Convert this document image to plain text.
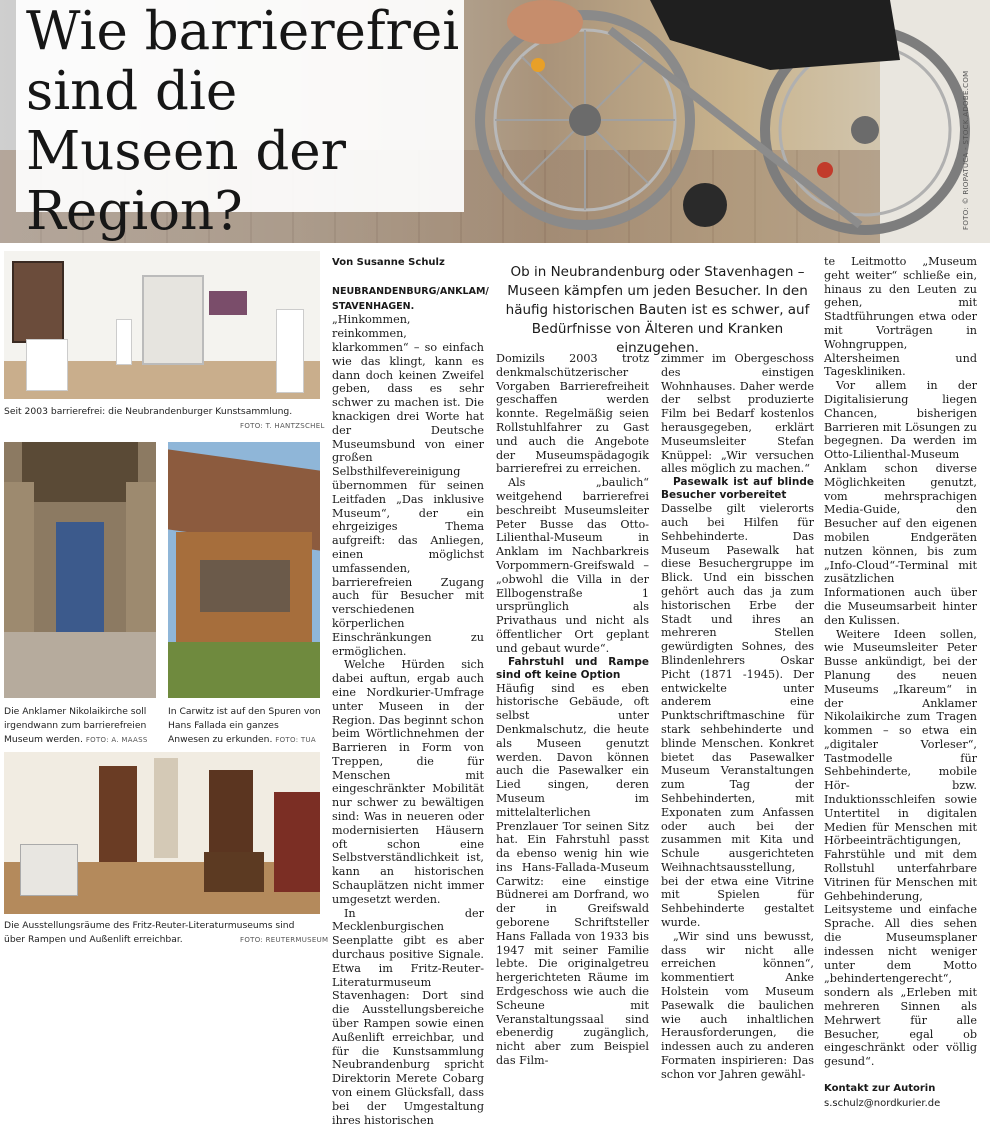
Wie barrierefrei sind die Museen der Region?	FOTO: © RIOPATUCA - STOCK.ADOBE.COM
Seit 2003 barrierefrei: die Neubrandenburger Kunstsammlung.
FOTO: T. HANTZSCHEL
Die Anklamer Nikolaikirche soll irgendwann zum barrierefreien Museum werden. FOTO: A. MAASS
In Carwitz ist auf den Spuren von Hans Fallada ein ganzes Anwesen zu erkunden. FOTO: TUA
Die Ausstellungsräume des Fritz-Reuter-Literaturmuseums sind über Rampen und Außenlift erreichbar.	FOTO: REUTERMUSEUM

Von Susanne Schulz

NEUBRANDENBURG/ANKLAM/ STAVENHAGEN. „Hinkommen, reinkommen, klarkommen“ – so einfach wie das klingt, kann es dann doch keinen Zweifel geben, dass es sehr schwer zu machen ist. Die knackigen drei Worte hat der Deutsche Museumsbund von einer großen Selbsthilfevereinigung übernommen für seinen Leitfaden „Das inklusive Museum“, der ein ehrgeiziges Thema aufgreift: das Anliegen, einen möglichst umfassenden, barrierefreien Zugang auch für Besucher mit verschiedenen körperlichen Einschränkungen zu ermöglichen.

Welche Hürden sich dabei auftun, ergab auch eine Nordkurier-Umfrage unter Museen in der Region. Das beginnt schon beim Wörtlichnehmen der Barrieren in Form von Treppen, die für Menschen mit eingeschränkter Mobilität nur schwer zu bewältigen sind: Was in neueren oder modernisierten Häusern oft schon eine Selbstverständlichkeit ist, kann an historischen Schauplätzen nicht immer umgesetzt werden.

In der Mecklenburgischen Seenplatte gibt es aber durchaus positive Signale. Etwa im Fritz-Reuter-Literaturmuseum Stavenhagen: Dort sind die Ausstellungsbereiche über Rampen sowie einen Außenlift erreichbar, und für die Kunstsammlung Neubrandenburg spricht Direktorin Merete Cobarg von einem Glücksfall, dass bei der Umgestaltung ihres historischen

Ob in Neubrandenburg oder Stavenhagen – Museen kämpfen um jeden Besucher. In den häufig historischen Bauten ist es schwer, auf Bedürfnisse von Älteren und Kranken einzugehen.

Domizils 2003 trotz denkmalschützerischer Vorgaben Barrierefreiheit geschaffen werden konnte. Regelmäßig seien Rollstuhlfahrer zu Gast und auch die Angebote der Museumspädagogik barrierefrei zu erreichen.

Als „baulich“ weitgehend barrierefrei beschreibt Museumsleiter Peter Busse das Otto-Lilienthal-Museum in Anklam im Nachbarkreis Vorpommern-Greifswald – „obwohl die Villa in der Ellbogenstraße 1 ursprünglich als Privathaus und nicht als öffentlicher Ort geplant und gebaut wurde“.

Fahrstuhl und Rampe sind oft keine Option

Häufig sind es eben historische Gebäude, oft selbst unter Denkmalschutz, die heute als Museen genutzt werden. Davon können auch die Pasewalker ein Lied singen, deren Museum im mittelalterlichen Prenzlauer Tor seinen Sitz hat. Ein Fahrstuhl passt da ebenso wenig hin wie ins Hans-Fallada-Museum Carwitz: eine einstige Büdnerei am Dorfrand, wo der in Greifswald geborene Schriftsteller Hans Fallada von 1933 bis 1947 mit seiner Familie lebte. Die originalgetreu hergerichteten Räume im Erdgeschoss wie auch die Scheune mit Veranstaltungssaal sind ebenerdig zugänglich, nicht aber zum Beispiel das Film-

zimmer im Obergeschoss des einstigen Wohnhauses. Daher werde der selbst produzierte Film bei Bedarf kostenlos herausgegeben, erklärt Museumsleiter Stefan Knüppel: „Wir versuchen alles möglich zu machen.“

Pasewalk ist auf blinde Besucher vorbereitet

Dasselbe gilt vielerorts auch bei Hilfen für Sehbehinderte. Das Museum Pasewalk hat diese Besuchergruppe im Blick. Und ein bisschen gehört auch das ja zum historischen Erbe der Stadt und ihres an mehreren Stellen gewürdigten Sohnes, des Blindenlehrers Oskar Picht (1871 -1945). Der entwickelte unter anderem eine Punktschriftmaschine für stark sehbehinderte und blinde Menschen. Konkret bietet das Pasewalker Museum Veranstaltungen zum Tag der Sehbehinderten, mit Exponaten zum Anfassen oder auch bei der zusammen mit Kita und Schule ausgerichteten Weihnachtsausstellung, bei der etwa eine Vitrine mit Spielen für Sehbehinderte gestaltet wurde.

„Wir sind uns bewusst, dass wir nicht alle erreichen können“, kommentiert Anke Holstein vom Museum Pasewalk die baulichen wie auch inhaltlichen Herausforderungen, die indessen auch zu anderen Formaten inspirieren: Das schon vor Jahren gewähl-

te Leitmotto „Museum geht weiter“ schließe ein, hinaus zu den Leuten zu gehen, mit Stadtführungen etwa oder mit Vorträgen in Wohngruppen, Altersheimen und Tageskliniken.

Vor allem in der Digitalisierung liegen Chancen, bisherigen Barrieren mit Lösungen zu begegnen. Da werden im Otto-Lilienthal-Museum Anklam schon diverse Möglichkeiten genutzt, vom mehrsprachigen Media-Guide, den Besucher auf den eigenen mobilen Endgeräten nutzen können, bis zum „Info-Cloud“-Terminal mit zusätzlichen Informationen auch über die Museumsarbeit hinter den Kulissen.

Weitere Ideen sollen, wie Museumsleiter Peter Busse ankündigt, bei der Planung des neuen Museums „Ikareum“ in der Anklamer Nikolaikirche zum Tragen kommen – so etwa ein „digitaler Vorleser“, Tastmodelle für Sehbehinderte, mobile Hör- bzw. Induktionsschleifen sowie Untertitel in digitalen Medien für Menschen mit Hörbeeinträchtigungen, Fahrstühle und mit dem Rollstuhl unterfahrbare Vitrinen für Menschen mit Gehbehinderung, Leitsysteme und einfache Sprache. All dies sehen die Museumsplaner indessen nicht weniger unter dem Motto „behindertengerecht“, sondern als „Erleben mit mehreren Sinnen als Mehrwert für alle Besucher, egal ob eingeschränkt oder völlig gesund“.

Kontakt zur Autorin
s.schulz@nordkurier.de
